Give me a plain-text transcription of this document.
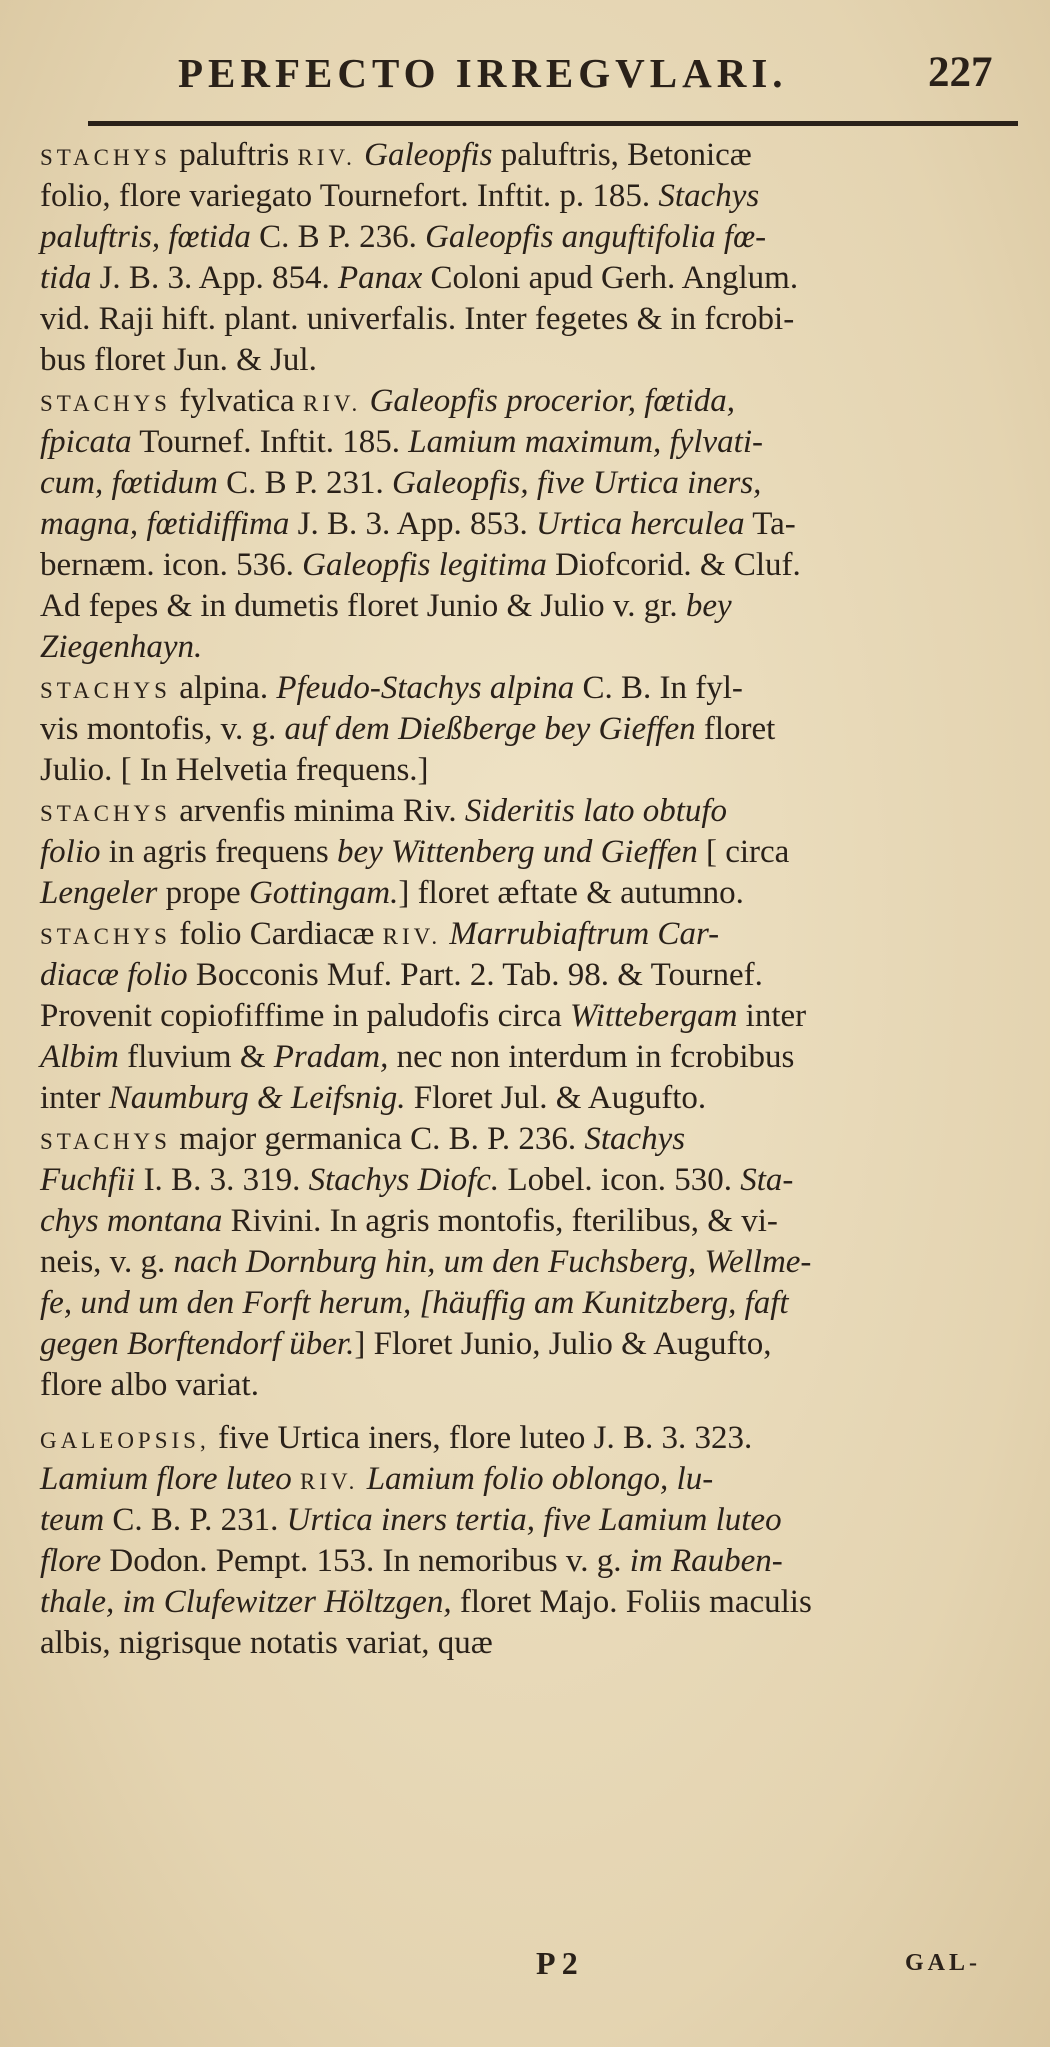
PERFECTO IRREGVLARI.	227
STACHYS paluftris RIV. Galeopfis paluftris, Betonicæ
folio, flore variegato Tournefort. Inftit. p. 185. Stachys
paluftris, fœtida C. B P. 236. Galeopfis anguftifolia fœ-
tida J. B. 3. App. 854. Panax Coloni apud Gerh. Anglum.
vid. Raji hift. plant. univerfalis. Inter fegetes & in fcrobi-
bus floret Jun. & Jul.
STACHYS fylvatica RIV. Galeopfis procerior, fœtida,
fpicata Tournef. Inftit. 185. Lamium maximum, fylvati-
cum, fœtidum C. B P. 231. Galeopfis, five Urtica iners,
magna, fœtidiffima J. B. 3. App. 853. Urtica herculea Ta-
bernæm. icon. 536. Galeopfis legitima Diofcorid. & Cluf.
Ad fepes & in dumetis floret Junio & Julio v. gr. bey
Ziegenhayn.
STACHYS alpina. Pfeudo-Stachys alpina C. B. In fyl-
vis montofis, v. g. auf dem Dießberge bey Gieffen floret
Julio. [ In Helvetia frequens.]
STACHYS arvenfis minima Riv. Sideritis lato obtufo
folio in agris frequens bey Wittenberg und Gieffen [ circa
Lengeler prope Gottingam.] floret æftate & autumno.
STACHYS folio Cardiacæ RIV. Marrubiaftrum Car-
diacæ folio Bocconis Muf. Part. 2. Tab. 98. & Tournef.
Provenit copiofiffime in paludofis circa Wittebergam inter
Albim fluvium & Pradam, nec non interdum in fcrobibus
inter Naumburg & Leifsnig. Floret Jul. & Augufto.
STACHYS major germanica C. B. P. 236. Stachys
Fuchfii I. B. 3. 319. Stachys Diofc. Lobel. icon. 530. Sta-
chys montana Rivini. In agris montofis, fterilibus, & vi-
neis, v. g. nach Dornburg hin, um den Fuchsberg, Wellme-
fe, und um den Forft herum, [häuffig am Kunitzberg, faft
gegen Borftendorf über.] Floret Junio, Julio & Augufto,
flore albo variat.
GALEOPSIS, five Urtica iners, flore luteo J. B. 3. 323.
Lamium flore luteo RIV. Lamium folio oblongo, lu-
teum C. B. P. 231. Urtica iners tertia, five Lamium luteo
flore Dodon. Pempt. 153. In nemoribus v. g. im Rauben-
thale, im Clufewitzer Höltzgen, floret Majo. Foliis maculis
albis, nigrisque notatis variat, quæ
P 2	GAL-
